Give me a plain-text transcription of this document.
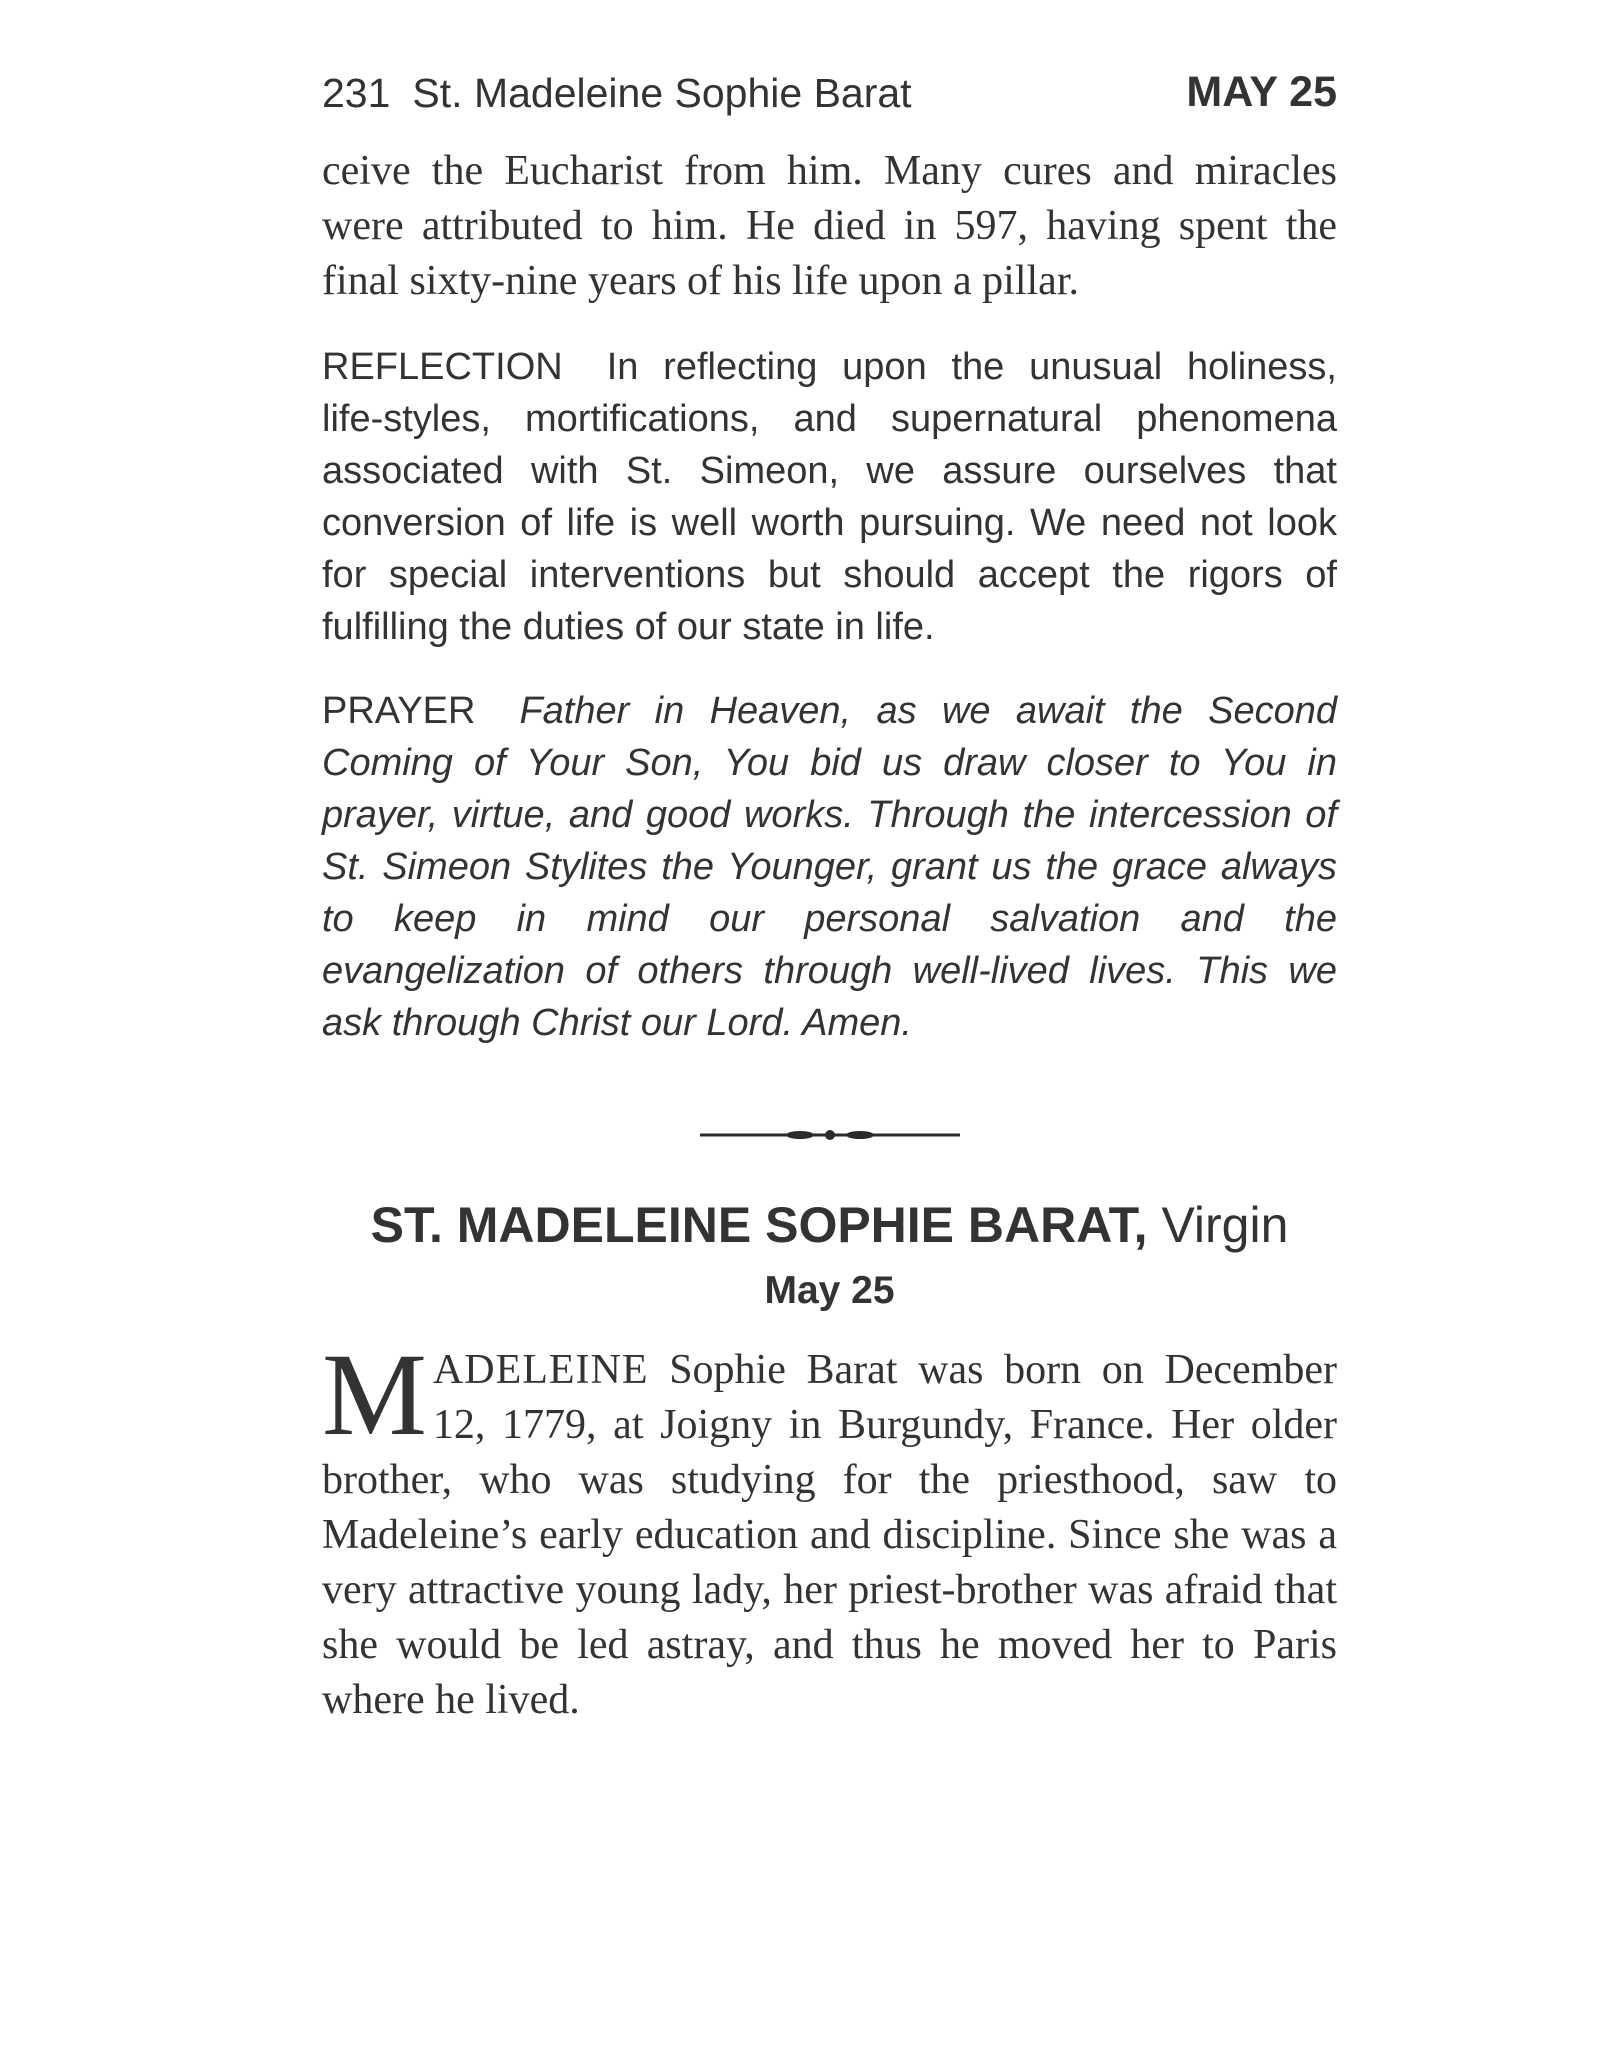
231 St. Madeleine Sophie Barat	MAY 25

ceive the Eucharist from him. Many cures and miracles were attributed to him. He died in 597, having spent the final sixty-nine years of his life upon a pillar.

REFLECTION In reflecting upon the unusual holiness, life-styles, mortifications, and supernatural phenomena associated with St. Simeon, we assure ourselves that conversion of life is well worth pursuing. We need not look for special interventions but should accept the rigors of fulfilling the duties of our state in life.

PRAYER Father in Heaven, as we await the Second Coming of Your Son, You bid us draw closer to You in prayer, virtue, and good works. Through the intercession of St. Simeon Stylites the Younger, grant us the grace always to keep in mind our personal salvation and the evangelization of others through well-lived lives. This we ask through Christ our Lord. Amen.

ST. MADELEINE SOPHIE BARAT, Virgin
May 25

MADELEINE Sophie Barat was born on December 12, 1779, at Joigny in Burgundy, France. Her older brother, who was studying for the priesthood, saw to Madeleine’s early education and discipline. Since she was a very attractive young lady, her priest-brother was afraid that she would be led astray, and thus he moved her to Paris where he lived.
